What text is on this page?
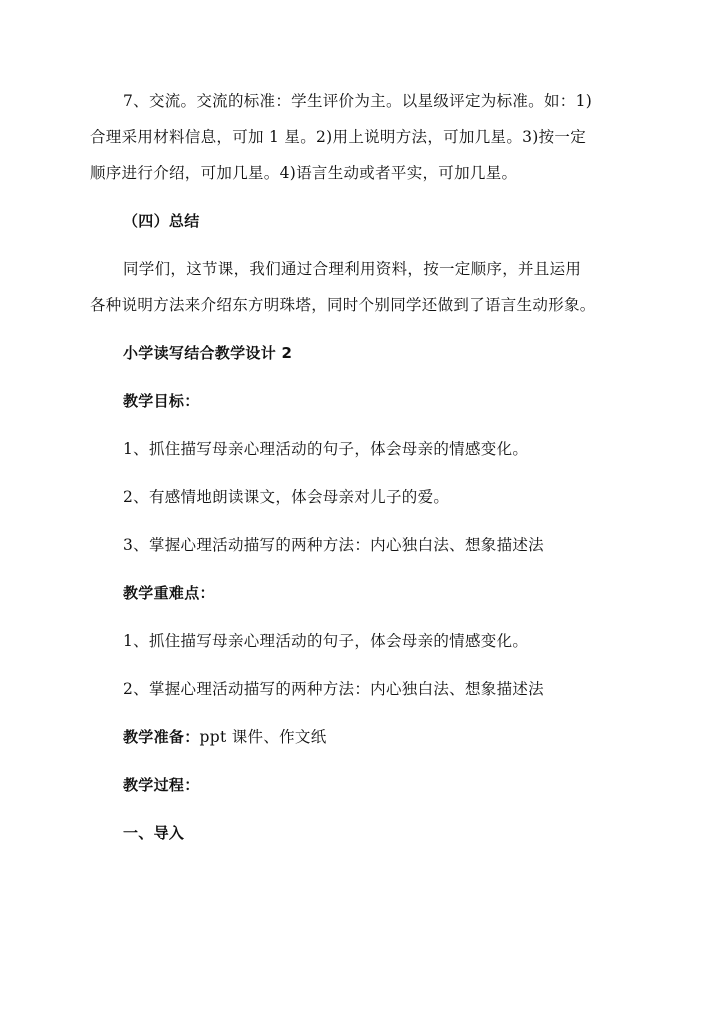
7、交流。交流的标准：学生评价为主。以星级评定为标准。如：1)
合理采用材料信息，可加 1 星。2)用上说明方法，可加几星。3)按一定
顺序进行介绍，可加几星。4)语言生动或者平实，可加几星。
（四）总结
同学们，这节课，我们通过合理利用资料，按一定顺序，并且运用
各种说明方法来介绍东方明珠塔，同时个别同学还做到了语言生动形象。
小学读写结合教学设计 2
教学目标：
1、抓住描写母亲心理活动的句子，体会母亲的情感变化。
2、有感情地朗读课文，体会母亲对儿子的爱。
3、掌握心理活动描写的两种方法：内心独白法、想象描述法
教学重难点：
1、抓住描写母亲心理活动的句子，体会母亲的情感变化。
2、掌握心理活动描写的两种方法：内心独白法、想象描述法
教学准备：ppt 课件、作文纸
教学过程：
一、导入
